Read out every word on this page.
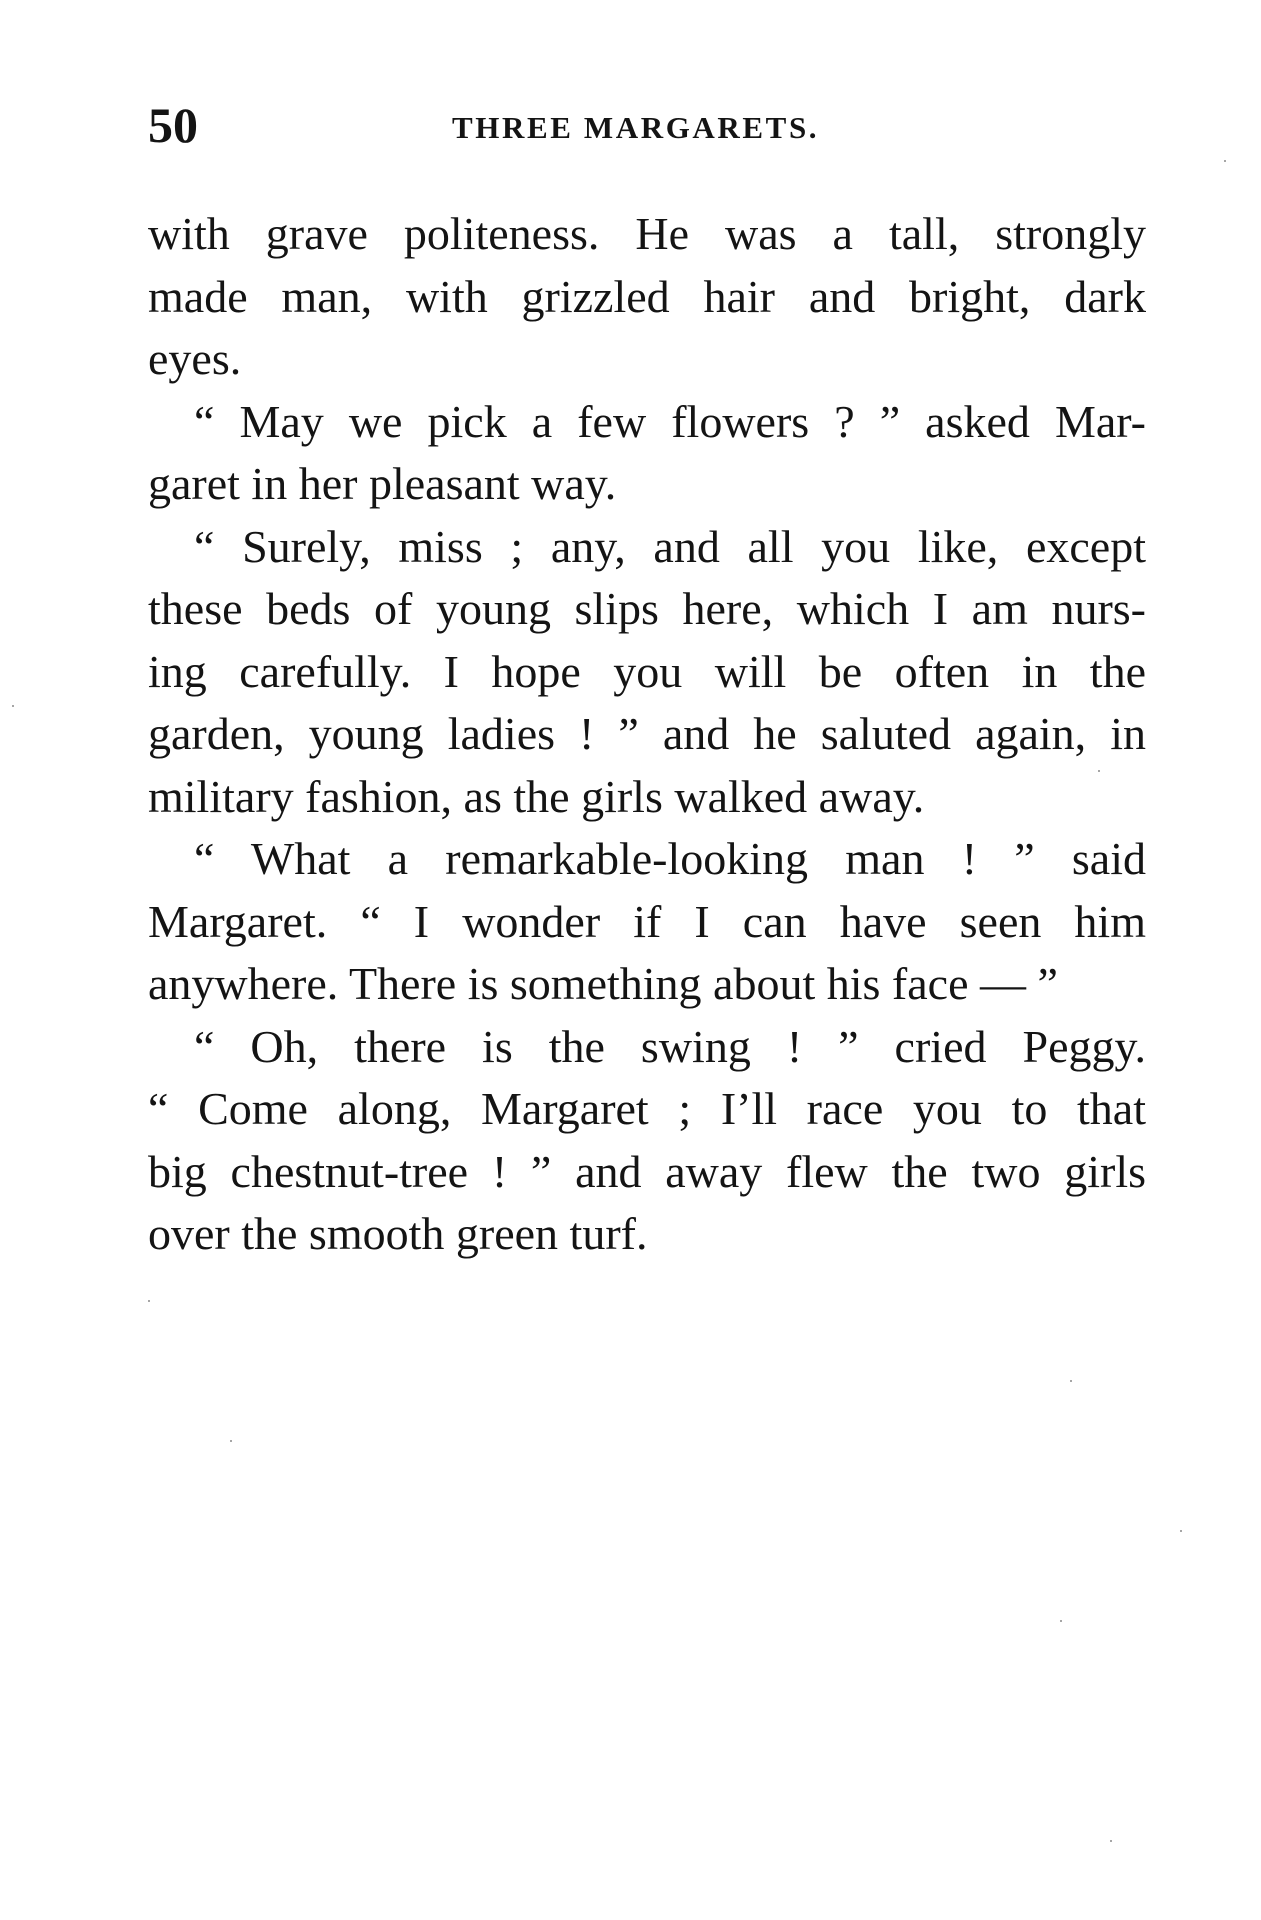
50	THREE MARGARETS.
with grave politeness. He was a tall, strongly
made man, with grizzled hair and bright, dark
eyes.
“ May we pick a few flowers ? ” asked Mar-
garet in her pleasant way.
“ Surely, miss ; any, and all you like, except
these beds of young slips here, which I am nurs-
ing carefully. I hope you will be often in the
garden, young ladies ! ” and he saluted again, in
military fashion, as the girls walked away.
“ What a remarkable-looking man ! ” said
Margaret. “ I wonder if I can have seen him
anywhere. There is something about his face — ”
“ Oh, there is the swing ! ” cried Peggy.
“ Come along, Margaret ; I’ll race you to that
big chestnut-tree ! ” and away flew the two girls
over the smooth green turf.
